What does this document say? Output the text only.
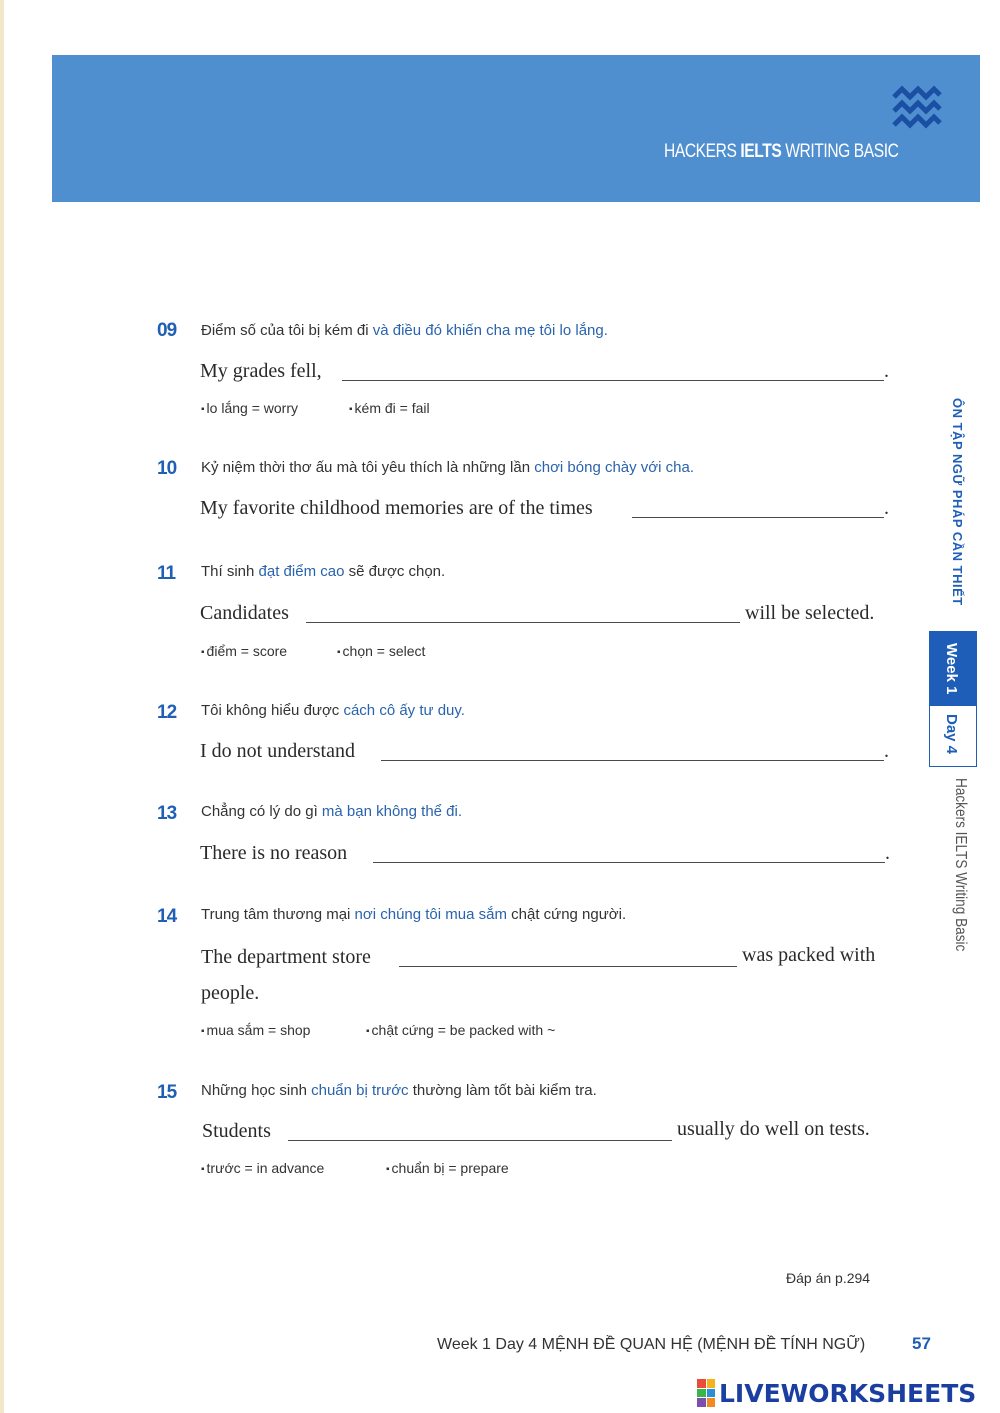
HACKERS IELTS WRITING BASIC
09 Điểm số của tôi bị kém đi và điều đó khiến cha mẹ tôi lo lắng.
My grades fell,	.
▪ lo lắng = worry	▪ kém đi = fail
10 Kỷ niệm thời thơ ấu mà tôi yêu thích là những lần chơi bóng chày với cha.
My favorite childhood memories are of the times	.
11 Thí sinh đạt điểm cao sẽ được chọn.
Candidates	will be selected.
▪ điểm = score	▪ chọn = select
12 Tôi không hiểu được cách cô ấy tư duy.
I do not understand	.
13 Chẳng có lý do gì mà bạn không thể đi.
There is no reason	.
14 Trung tâm thương mại nơi chúng tôi mua sắm chật cứng người.
The department store	was packed with
people.
▪ mua sắm = shop	▪ chật cứng = be packed with ~
15 Những học sinh chuẩn bị trước thường làm tốt bài kiểm tra.
Students	usually do well on tests.
▪ trước = in advance	▪ chuẩn bị = prepare
ÔN TẬP NGỮ PHÁP CẦN THIẾT
Week 1
Day 4
Hackers IELTS Writing Basic
Đáp án p.294
Week 1 Day 4 MỆNH ĐỀ QUAN HỆ (MỆNH ĐỀ TÍNH NGỮ)	57
LIVEWORKSHEETS
